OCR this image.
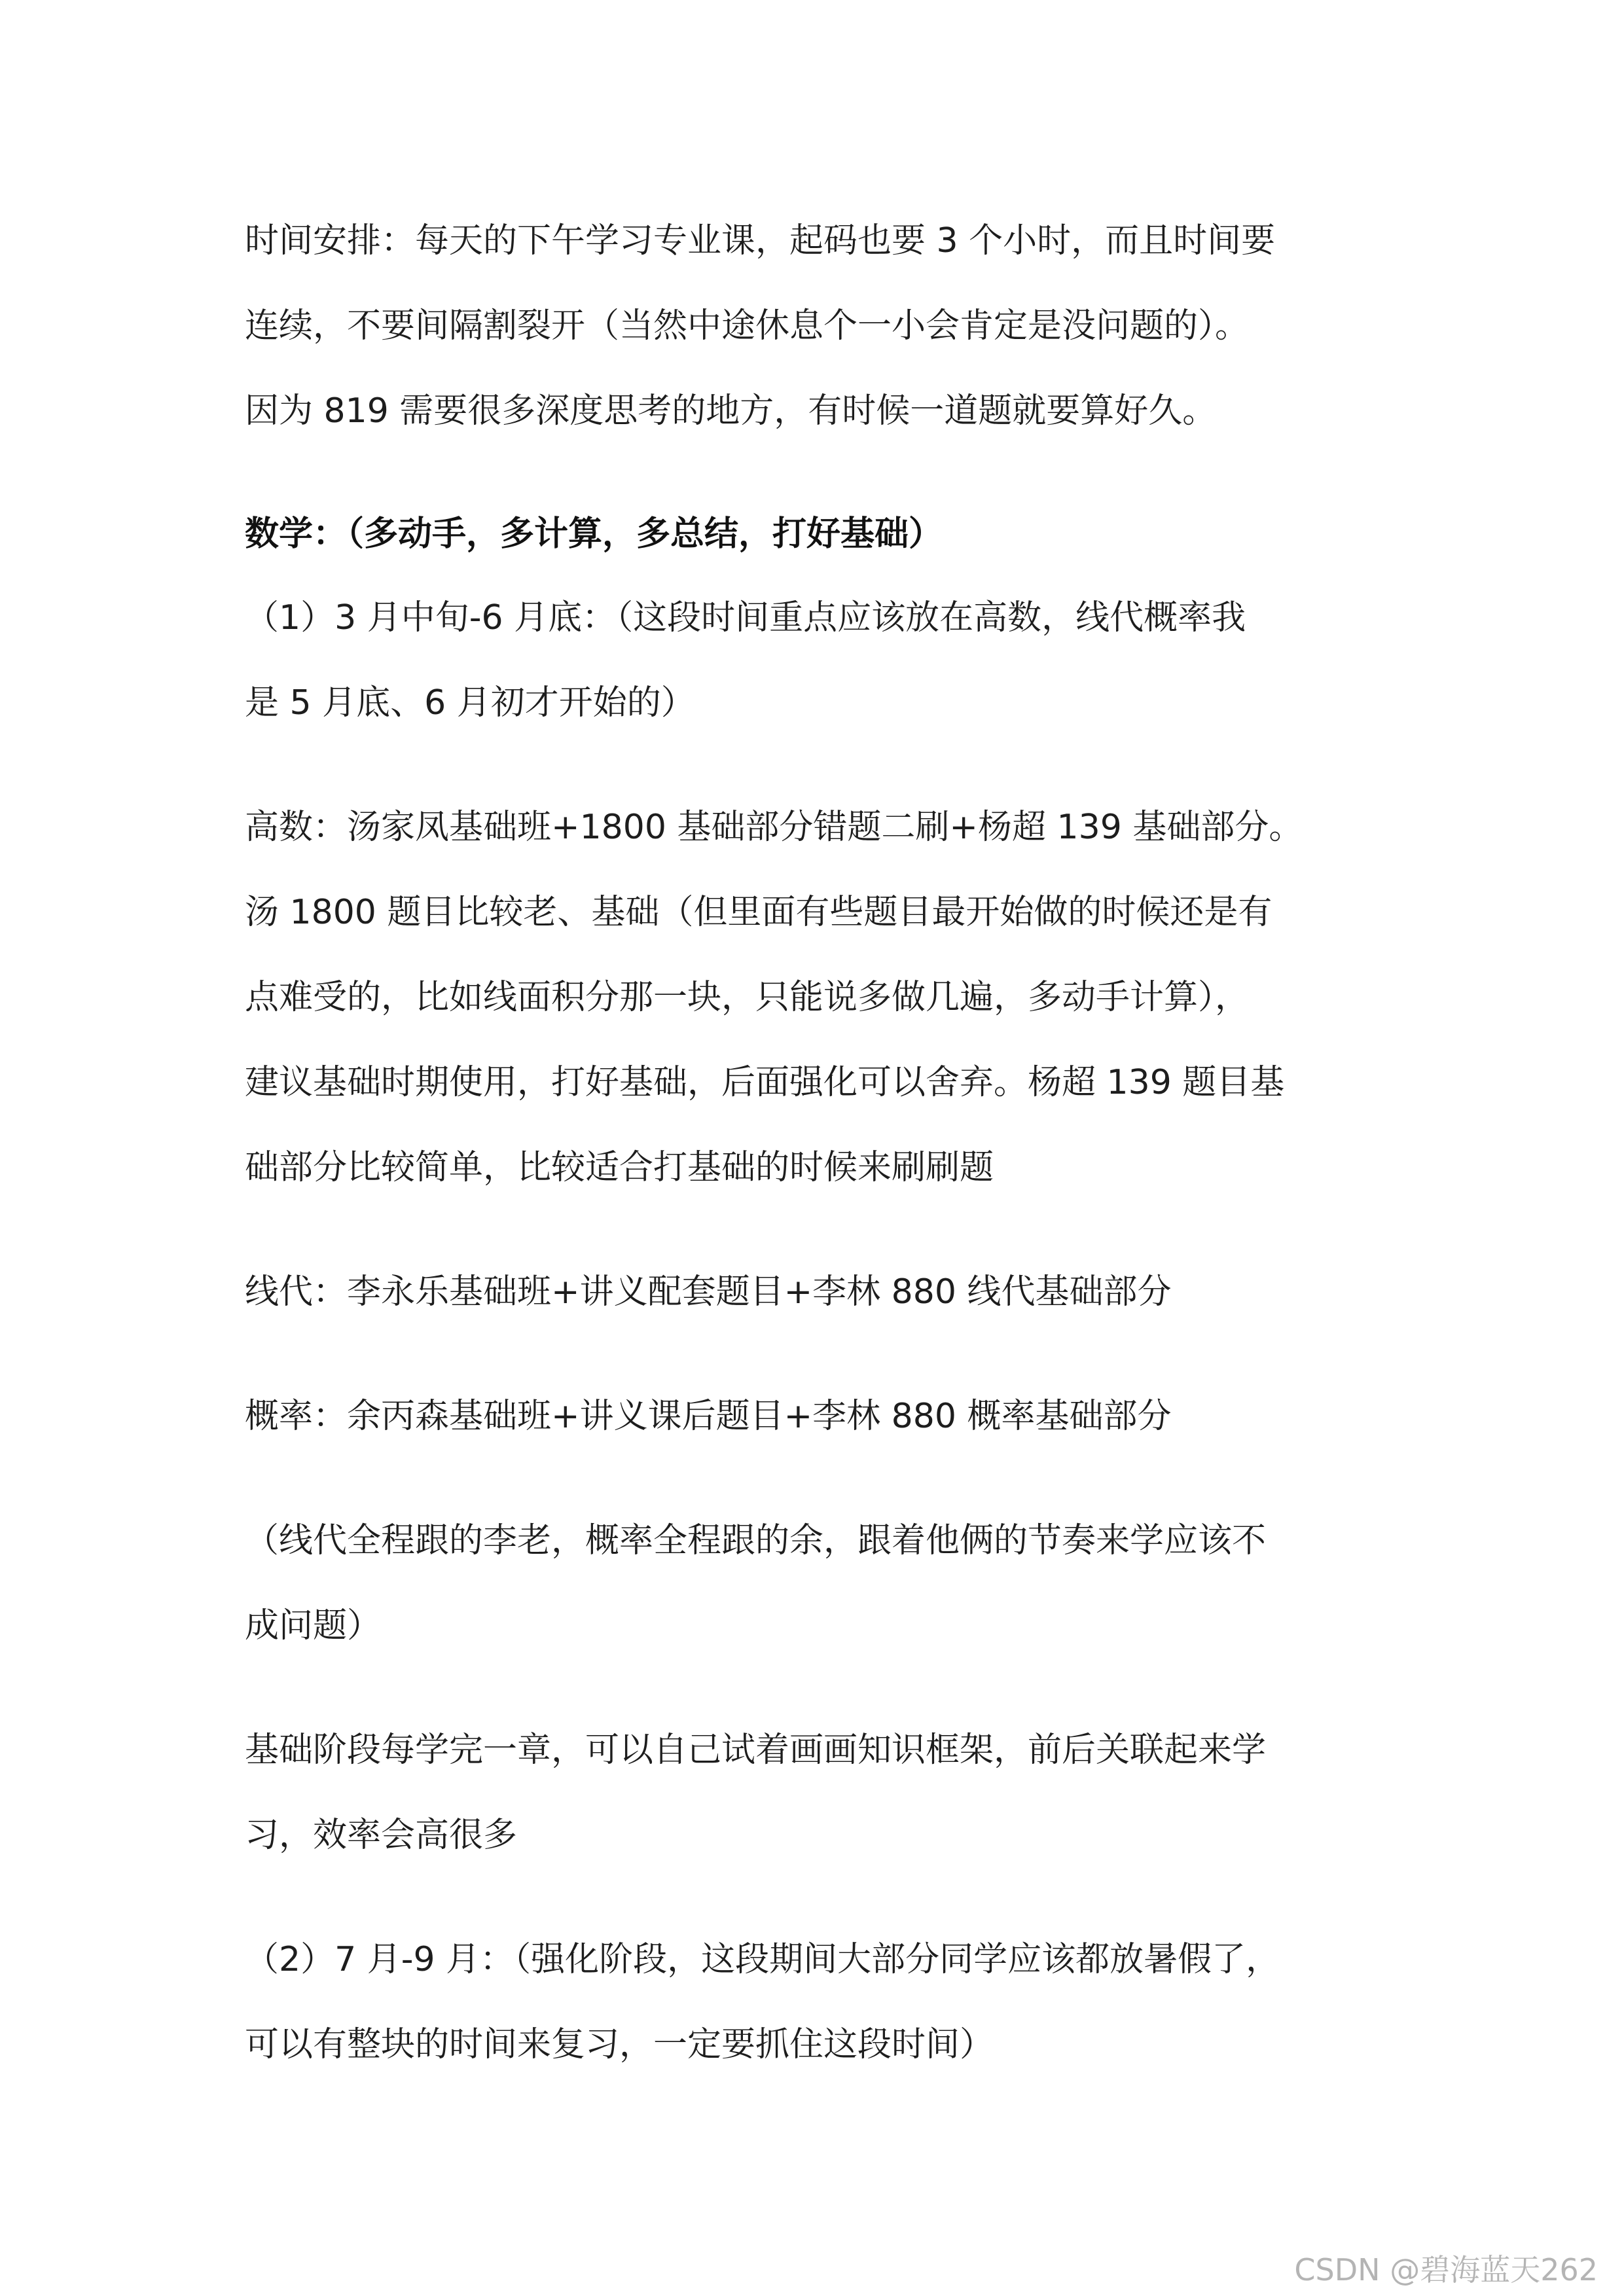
时间安排：每天的下午学习专业课，起码也要 3 个小时，而且时间要
连续，不要间隔割裂开（当然中途休息个一小会肯定是没问题的）。
因为 819 需要很多深度思考的地方，有时候一道题就要算好久。
数学：（多动手，多计算，多总结，打好基础）
（1）3 月中旬-6 月底：（这段时间重点应该放在高数，线代概率我
是 5 月底、6 月初才开始的）
高数：汤家凤基础班+1800 基础部分错题二刷+杨超 139 基础部分。
汤 1800 题目比较老、基础（但里面有些题目最开始做的时候还是有
点难受的，比如线面积分那一块，只能说多做几遍，多动手计算），
建议基础时期使用，打好基础，后面强化可以舍弃。杨超 139 题目基
础部分比较简单，比较适合打基础的时候来刷刷题
线代：李永乐基础班+讲义配套题目+李林 880 线代基础部分
概率：余丙森基础班+讲义课后题目+李林 880 概率基础部分
（线代全程跟的李老，概率全程跟的余，跟着他俩的节奏来学应该不
成问题）
基础阶段每学完一章，可以自己试着画画知识框架，前后关联起来学
习，效率会高很多
（2）7 月-9 月：（强化阶段，这段期间大部分同学应该都放暑假了，
可以有整块的时间来复习，一定要抓住这段时间）
CSDN @碧海蓝天262
